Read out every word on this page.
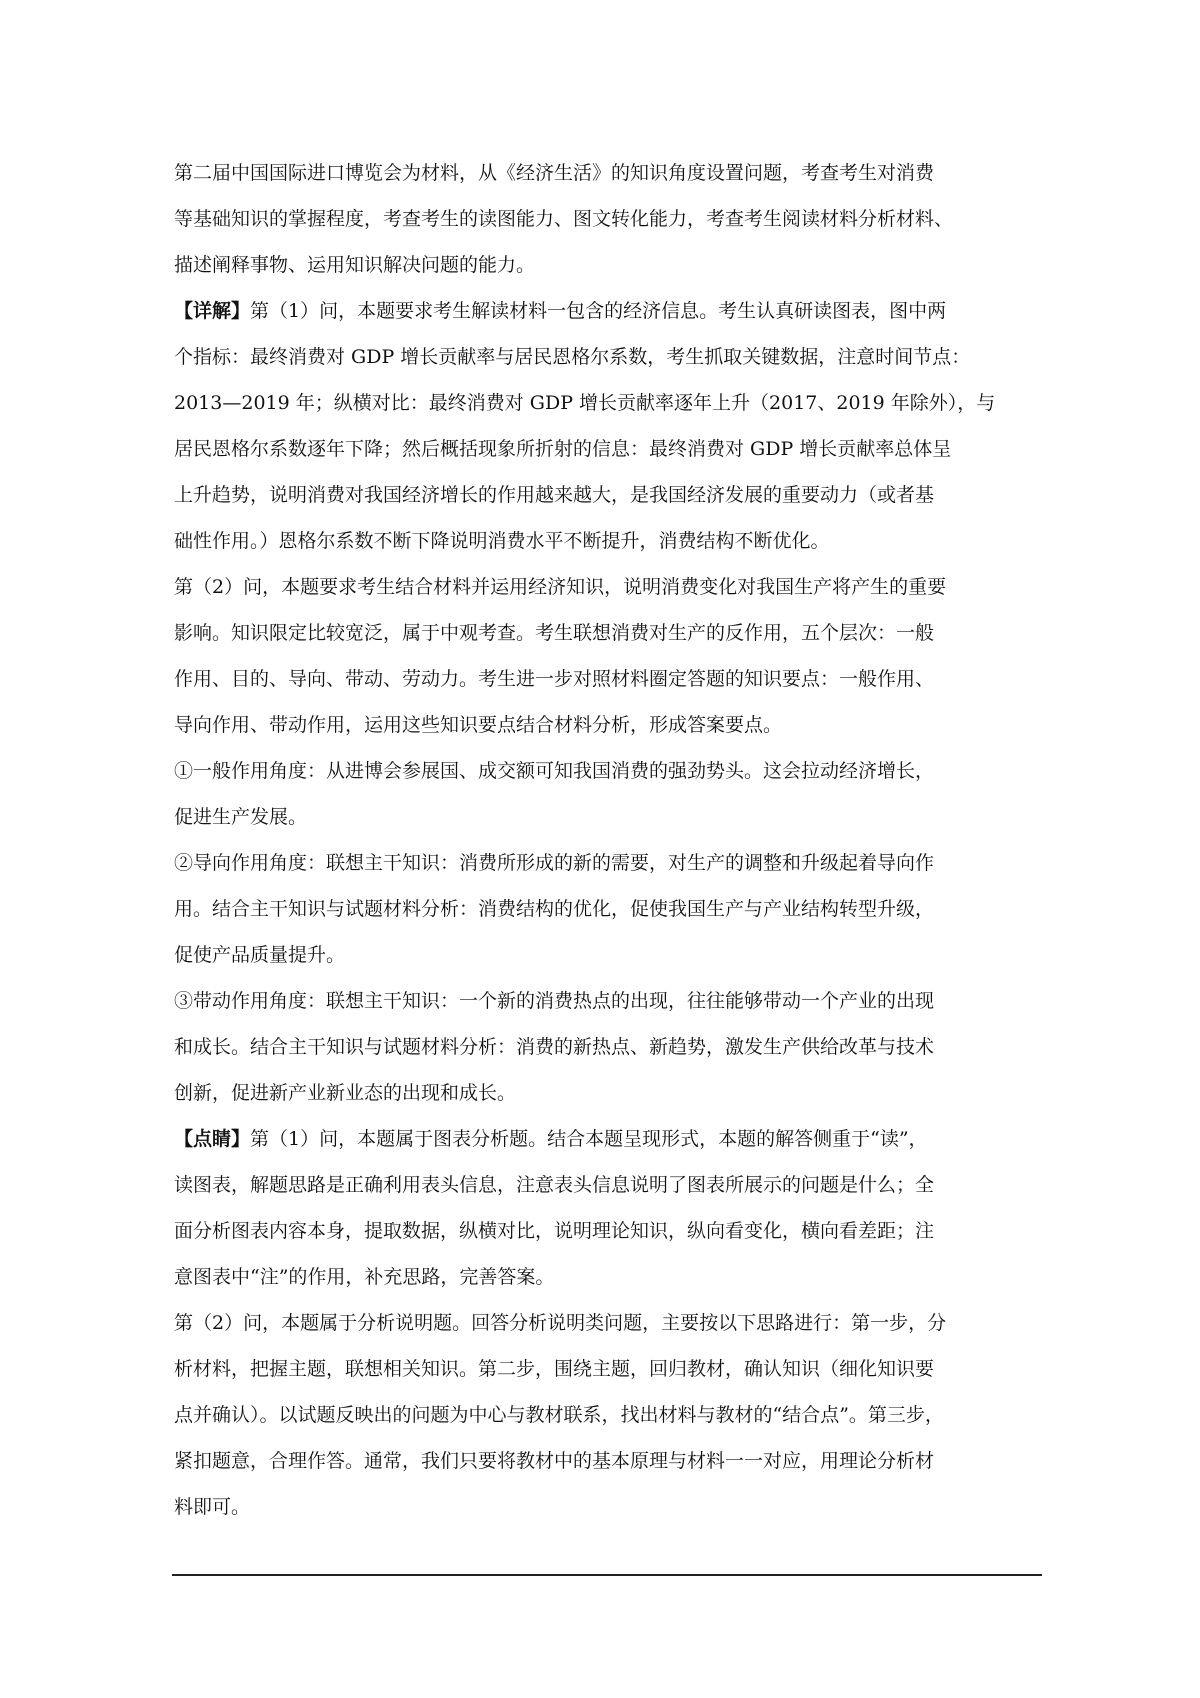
第二届中国国际进口博览会为材料，从《经济生活》的知识角度设置问题，考查考生对消费
等基础知识的掌握程度，考查考生的读图能力、图文转化能力，考查考生阅读材料分析材料、
描述阐释事物、运用知识解决问题的能力。

【详解】第（1）问，本题要求考生解读材料一包含的经济信息。考生认真研读图表，图中两
个指标：最终消费对 GDP 增长贡献率与居民恩格尔系数，考生抓取关键数据，注意时间节点：
2013—2019 年；纵横对比：最终消费对 GDP 增长贡献率逐年上升（2017、2019 年除外），与
居民恩格尔系数逐年下降；然后概括现象所折射的信息：最终消费对 GDP 增长贡献率总体呈
上升趋势，说明消费对我国经济增长的作用越来越大，是我国经济发展的重要动力（或者基
础性作用。）恩格尔系数不断下降说明消费水平不断提升，消费结构不断优化。

第（2）问，本题要求考生结合材料并运用经济知识，说明消费变化对我国生产将产生的重要
影响。知识限定比较宽泛，属于中观考查。考生联想消费对生产的反作用，五个层次：一般
作用、目的、导向、带动、劳动力。考生进一步对照材料圈定答题的知识要点：一般作用、
导向作用、带动作用，运用这些知识要点结合材料分析，形成答案要点。

①一般作用角度：从进博会参展国、成交额可知我国消费的强劲势头。这会拉动经济增长，
促进生产发展。

②导向作用角度：联想主干知识：消费所形成的新的需要，对生产的调整和升级起着导向作
用。结合主干知识与试题材料分析：消费结构的优化，促使我国生产与产业结构转型升级，
促使产品质量提升。

③带动作用角度：联想主干知识：一个新的消费热点的出现，往往能够带动一个产业的出现
和成长。结合主干知识与试题材料分析：消费的新热点、新趋势，激发生产供给改革与技术
创新，促进新产业新业态的出现和成长。

【点睛】第（1）问，本题属于图表分析题。结合本题呈现形式，本题的解答侧重于“读”，
读图表，解题思路是正确利用表头信息，注意表头信息说明了图表所展示的问题是什么；全
面分析图表内容本身，提取数据，纵横对比，说明理论知识，纵向看变化，横向看差距；注
意图表中“注”的作用，补充思路，完善答案。

第（2）问，本题属于分析说明题。回答分析说明类问题，主要按以下思路进行：第一步，分
析材料，把握主题，联想相关知识。第二步，围绕主题，回归教材，确认知识（细化知识要
点并确认）。以试题反映出的问题为中心与教材联系，找出材料与教材的“结合点”。第三步，
紧扣题意，合理作答。通常，我们只要将教材中的基本原理与材料一一对应，用理论分析材
料即可。
